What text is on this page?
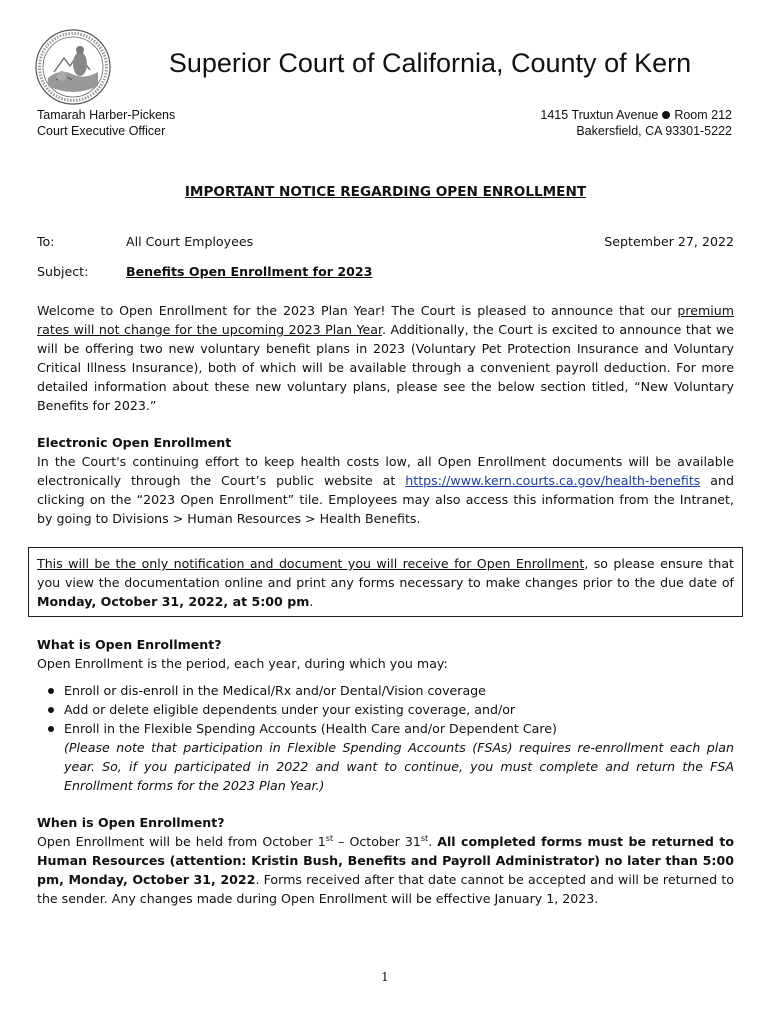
Superior Court of California, County of Kern
Tamarah Harber-Pickens
Court Executive Officer
1415 Truxtun Avenue Room 212
Bakersfield, CA 93301-5222
IMPORTANT NOTICE REGARDING OPEN ENROLLMENT
To:	All Court Employees	September 27, 2022
Subject:	Benefits Open Enrollment for 2023

Welcome to Open Enrollment for the 2023 Plan Year! The Court is pleased to announce that our premium rates will not change for the upcoming 2023 Plan Year. Additionally, the Court is excited to announce that we will be offering two new voluntary benefit plans in 2023 (Voluntary Pet Protection Insurance and Voluntary Critical Illness Insurance), both of which will be available through a convenient payroll deduction. For more detailed information about these new voluntary plans, please see the below section titled, “New Voluntary Benefits for 2023.”

Electronic Open Enrollment

In the Court's continuing effort to keep health costs low, all Open Enrollment documents will be available electronically through the Court’s public website at https://www.kern.courts.ca.gov/health-benefits and clicking on the “2023 Open Enrollment” tile. Employees may also access this information from the Intranet, by going to Divisions > Human Resources > Health Benefits.

This will be the only notification and document you will receive for Open Enrollment, so please ensure that you view the documentation online and print any forms necessary to make changes prior to the due date of Monday, October 31, 2022, at 5:00 pm.

What is Open Enrollment?
Open Enrollment is the period, each year, during which you may:
Enroll or dis-enroll in the Medical/Rx and/or Dental/Vision coverage
Add or delete eligible dependents under your existing coverage, and/or
Enroll in the Flexible Spending Accounts (Health Care and/or Dependent Care)
(Please note that participation in Flexible Spending Accounts (FSAs) requires re-enrollment each plan year. So, if you participated in 2022 and want to continue, you must complete and return the FSA Enrollment forms for the 2023 Plan Year.)
When is Open Enrollment?

Open Enrollment will be held from October 1st – October 31st. All completed forms must be returned to Human Resources (attention: Kristin Bush, Benefits and Payroll Administrator) no later than 5:00 pm, Monday, October 31, 2022. Forms received after that date cannot be accepted and will be returned to the sender. Any changes made during Open Enrollment will be effective January 1, 2023.

1
